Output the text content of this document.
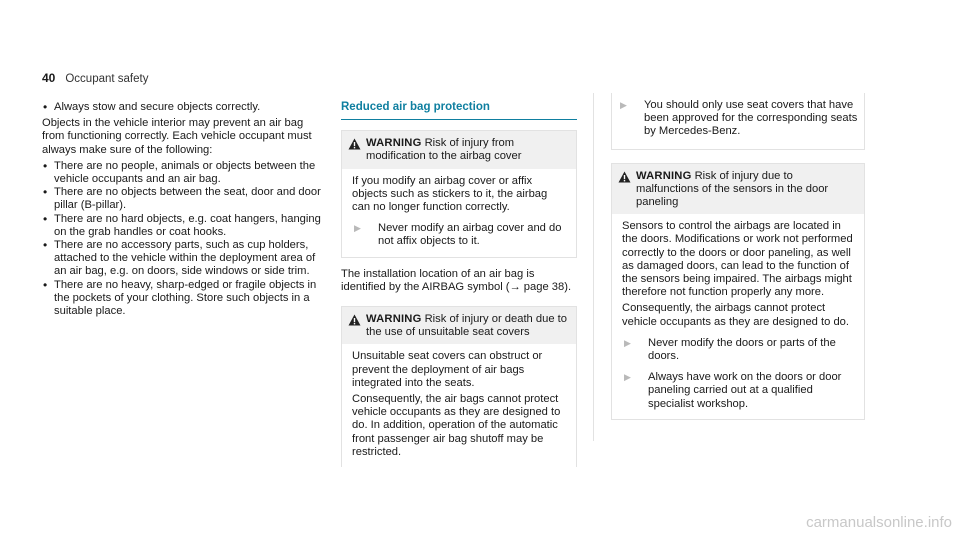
40 Occupant safety
• Always stow and secure objects correctly.

Objects in the vehicle interior may prevent an air bag from functioning correctly. Each vehicle occupant must always make sure of the following:

• There are no people, animals or objects between the vehicle occupants and an air bag.
• There are no objects between the seat, door and door pillar (B-pillar).
• There are no hard objects, e.g. coat hangers, hanging on the grab handles or coat hooks.
• There are no accessory parts, such as cup holders, attached to the vehicle within the deployment area of an air bag, e.g. on doors, side windows or side trim.
• There are no heavy, sharp-edged or fragile objects in the pockets of your clothing. Store such objects in a suitable place.
Reduced air bag protection
WARNING Risk of injury from modification to the airbag cover

If you modify an airbag cover or affix objects such as stickers to it, the airbag can no longer function correctly.

▶	Never modify an airbag cover and do not affix objects to it.

The installation location of an air bag is identified by the AIRBAG symbol (→ page 38).

WARNING Risk of injury or death due to the use of unsuitable seat covers

Unsuitable seat covers can obstruct or prevent the deployment of air bags integrated into the seats.

Consequently, the air bags cannot protect vehicle occupants as they are designed to do. In addition, operation of the automatic front passenger air bag shutoff may be restricted.

▶	You should only use seat covers that have been approved for the corresponding seats by Mercedes-Benz.
WARNING Risk of injury due to malfunctions of the sensors in the door paneling

Sensors to control the airbags are located in the doors. Modifications or work not performed correctly to the doors or door paneling, as well as damaged doors, can lead to the function of the sensors being impaired. The airbags might therefore not function properly any more.

Consequently, the airbags cannot protect vehicle occupants as they are designed to do.

▶	Never modify the doors or parts of the doors.
▶	Always have work on the doors or door paneling carried out at a qualified specialist workshop.
carmanualsonline.info
